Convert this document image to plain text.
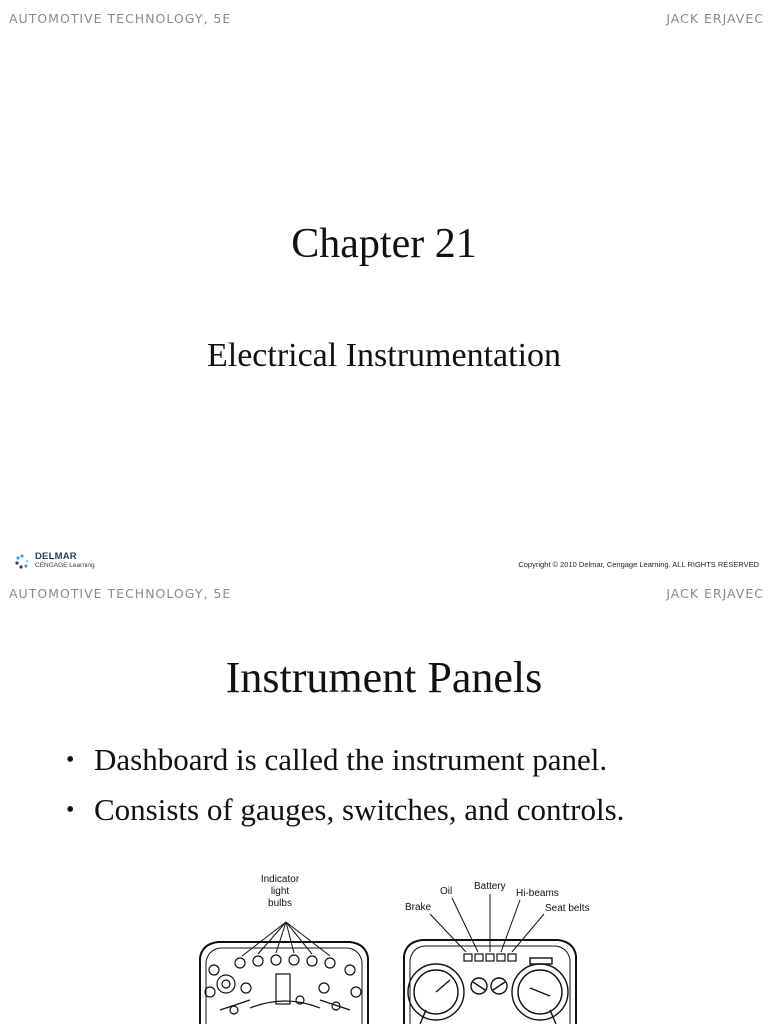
AUTOMOTIVE TECHNOLOGY, 5E	JACK ERJAVEC
Chapter 21
Electrical Instrumentation
DELMAR
CENGAGE Learning	Copyright © 2010 Delmar, Cengage Learning. ALL RIGHTS RESERVED
AUTOMOTIVE TECHNOLOGY, 5E	JACK ERJAVEC
Instrument Panels
• Dashboard is called the instrument panel.
• Consists of gauges, switches, and controls.
Indicator
light
bulbs	Brake
Oil Battery
Hi-beams
Seat belts
